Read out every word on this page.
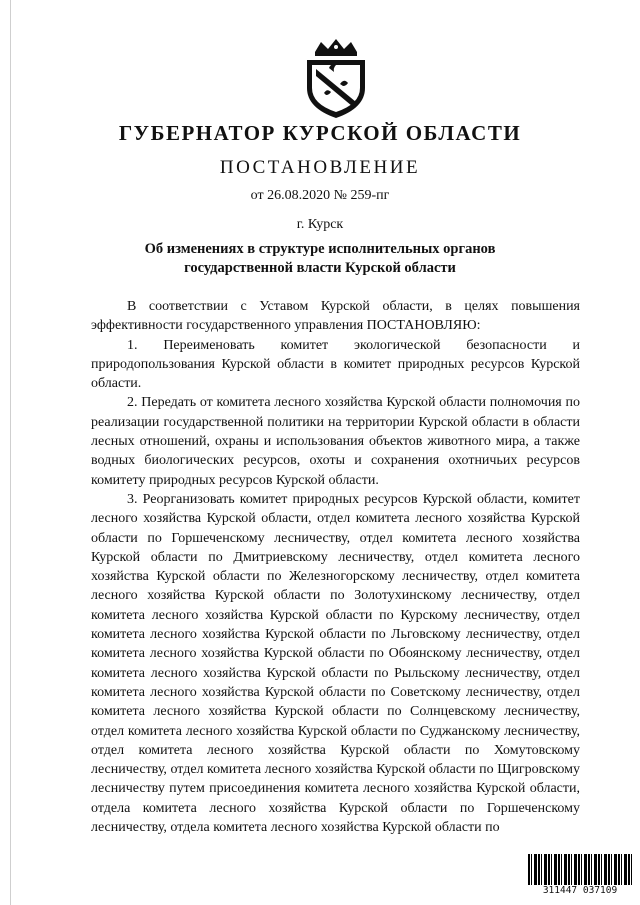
ГУБЕРНАТОР КУРСКОЙ ОБЛАСТИ
ПОСТАНОВЛЕНИЕ
от 26.08.2020 № 259-пг
г. Курск
Об изменениях в структуре исполнительных органов государственной власти Курской области

В соответствии с Уставом Курской области, в целях повышения эффективности государственного управления ПОСТАНОВЛЯЮ:

1. Переименовать комитет экологической безопасности и природопользования Курской области в комитет природных ресурсов Курской области.

2. Передать от комитета лесного хозяйства Курской области полномочия по реализации государственной политики на территории Курской области в области лесных отношений, охраны и использования объектов животного мира, а также водных биологических ресурсов, охоты и сохранения охотничьих ресурсов комитету природных ресурсов Курской области.

3. Реорганизовать комитет природных ресурсов Курской области, комитет лесного хозяйства Курской области, отдел комитета лесного хозяйства Курской области по Горшеченскому лесничеству, отдел комитета лесного хозяйства Курской области по Дмитриевскому лесничеству, отдел комитета лесного хозяйства Курской области по Железногорскому лесничеству, отдел комитета лесного хозяйства Курской области по Золотухинскому лесничеству, отдел комитета лесного хозяйства Курской области по Курскому лесничеству, отдел комитета лесного хозяйства Курской области по Льговскому лесничеству, отдел комитета лесного хозяйства Курской области по Обоянскому лесничеству, отдел комитета лесного хозяйства Курской области по Рыльскому лесничеству, отдел комитета лесного хозяйства Курской области по Советскому лесничеству, отдел комитета лесного хозяйства Курской области по Солнцевскому лесничеству, отдел комитета лесного хозяйства Курской области по Суджанскому лесничеству, отдел комитета лесного хозяйства Курской области по Хомутовскому лесничеству, отдел комитета лесного хозяйства Курской области по Щигровскому лесничеству путем присоединения комитета лесного хозяйства Курской области, отдела комитета лесного хозяйства Курской области по Горшеченскому лесничеству, отдела комитета лесного хозяйства Курской области по

311447 037109
